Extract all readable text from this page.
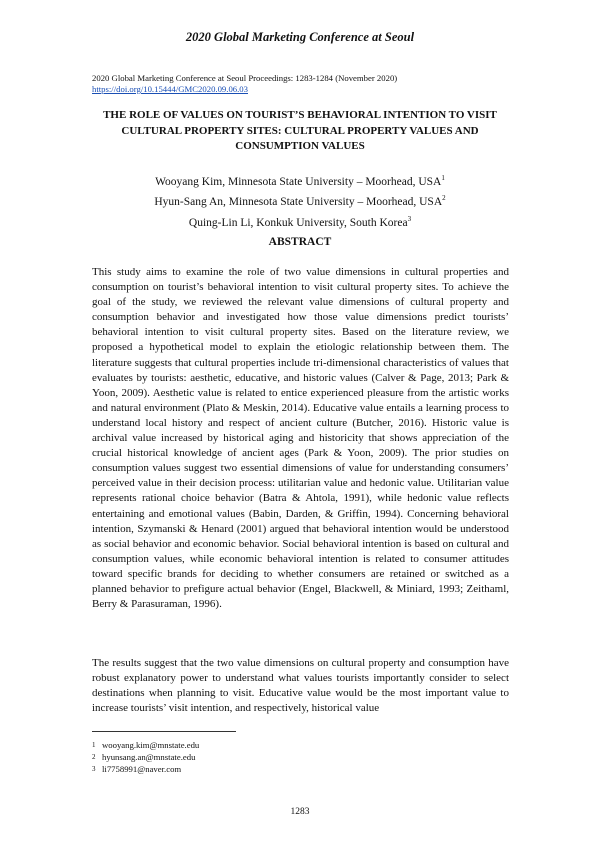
2020 Global Marketing Conference at Seoul
2020 Global Marketing Conference at Seoul Proceedings: 1283-1284 (November 2020)
https://doi.org/10.15444/GMC2020.09.06.03
THE ROLE OF VALUES ON TOURIST’S BEHAVIORAL INTENTION TO VISIT CULTURAL PROPERTY SITES: CULTURAL PROPERTY VALUES AND CONSUMPTION VALUES
Wooyang Kim, Minnesota State University – Moorhead, USA$^1$
Hyun-Sang An, Minnesota State University – Moorhead, USA$^2$
Quing-Lin Li, Konkuk University, South Korea$^3$
ABSTRACT

This study aims to examine the role of two value dimensions in cultural properties and consumption on tourist’s behavioral intention to visit cultural property sites. To achieve the goal of the study, we reviewed the relevant value dimensions of cultural property and consumption behavior and investigated how those value dimensions predict tourists’ behavioral intention to visit cultural property sites. Based on the literature review, we proposed a hypothetical model to explain the etiologic relationship between them. The literature suggests that cultural properties include tri-dimensional characteristics of values that evaluates by tourists: aesthetic, educative, and historic values (Calver & Page, 2013; Park & Yoon, 2009). Aesthetic value is related to entice experienced pleasure from the artistic works and natural environment (Plato & Meskin, 2014). Educative value entails a learning process to understand local history and respect of ancient culture (Butcher, 2016). Historic value is archival value increased by historical aging and historicity that shows appreciation of the crucial historical knowledge of ancient ages (Park & Yoon, 2009). The prior studies on consumption values suggest two essential dimensions of value for understanding consumers’ perceived value in their decision process: utilitarian value and hedonic value. Utilitarian value represents rational choice behavior (Batra & Ahtola, 1991), while hedonic value reflects entertaining and emotional values (Babin, Darden, & Griffin, 1994). Concerning behavioral intention, Szymanski & Henard (2001) argued that behavioral intention would be understood as social behavior and economic behavior. Social behavioral intention is based on cultural and consumption values, while economic behavioral intention is related to consumer attitudes toward specific brands for deciding to whether consumers are retained or switched as a planned behavior to prefigure actual behavior (Engel, Blackwell, & Miniard, 1993; Zeithaml, Berry & Parasuraman, 1996).

The results suggest that the two value dimensions on cultural property and consumption have robust explanatory power to understand what values tourists importantly consider to select destinations when planning to visit. Educative value would be the most important value to increase tourists’ visit intention, and respectively, historical value

1 wooyang.kim@mnstate.edu
2 hyunsang.an@mnstate.edu
3 li7758991@naver.com
1283
